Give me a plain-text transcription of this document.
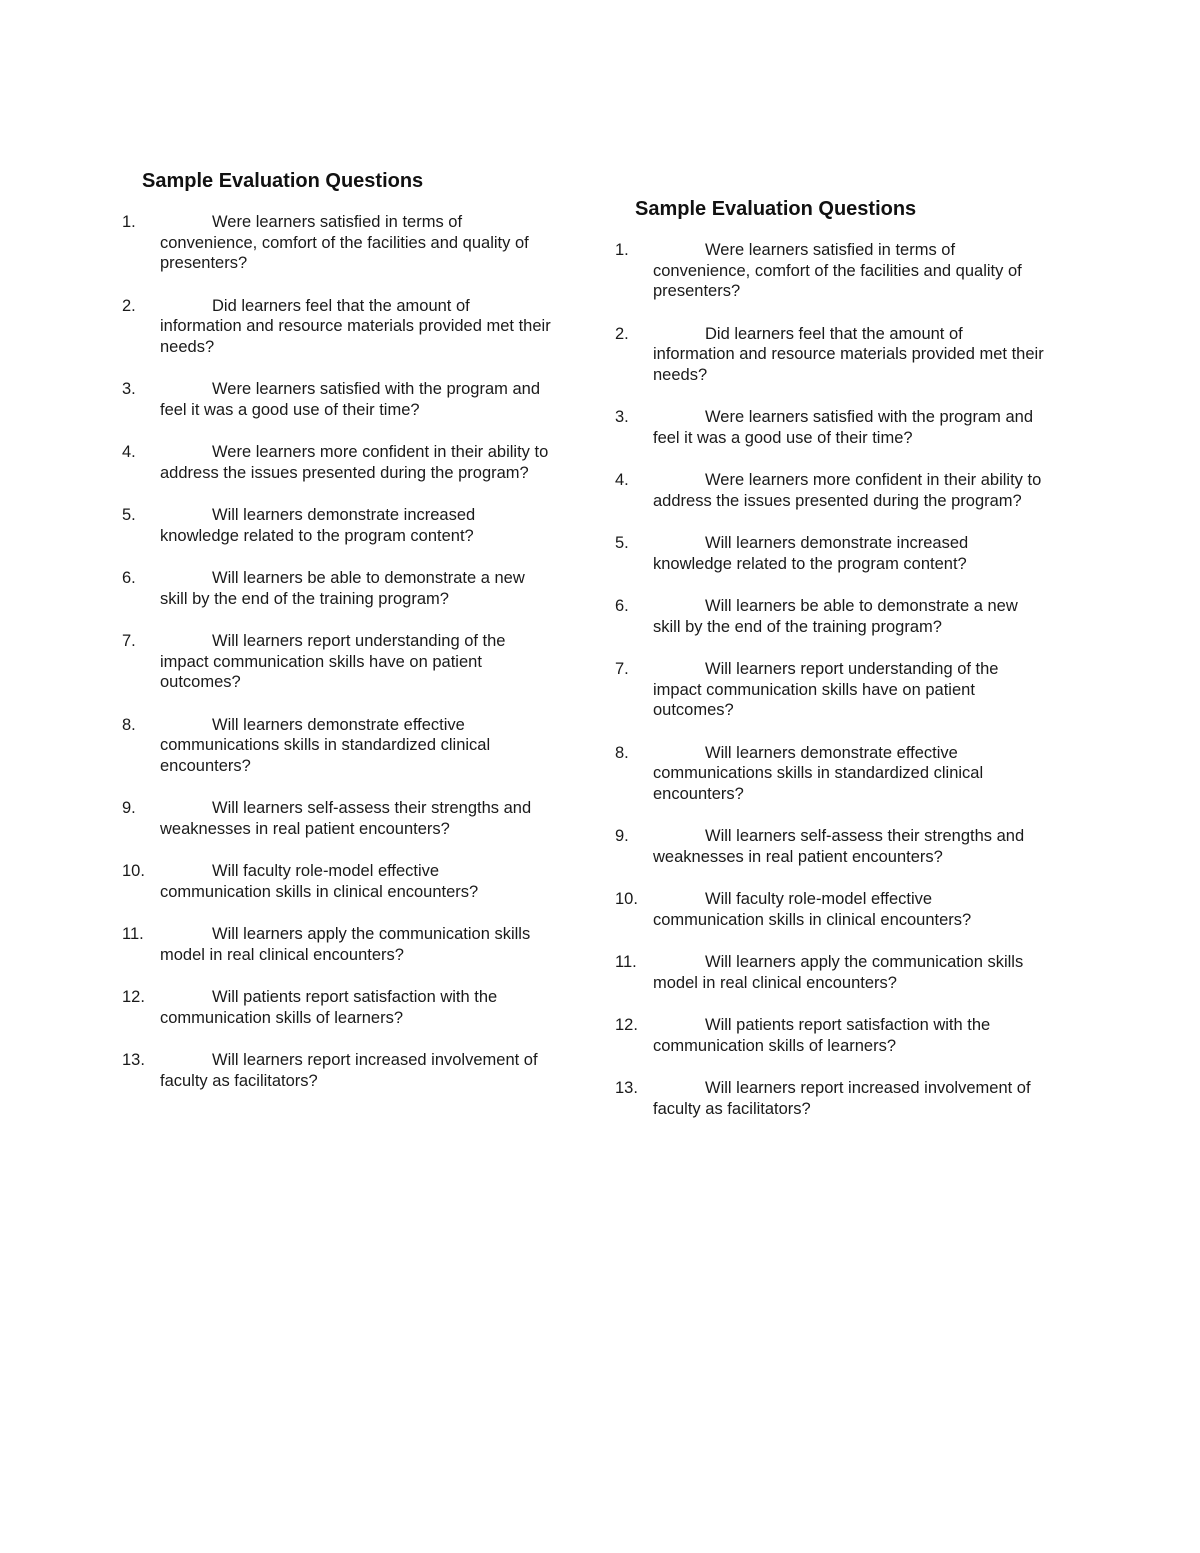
Sample Evaluation Questions
1.	Were learners satisfied in terms of convenience, comfort of the facilities and quality of presenters?
2.	Did learners feel that the amount of information and resource materials provided met their needs?
3.	Were learners satisfied with the program and feel it was a good use of their time?
4.	Were learners more confident in their ability to address the issues presented during the program?
5.	Will learners demonstrate increased knowledge related to the program content?
6.	Will learners be able to demonstrate a new skill by the end of the training program?
7.	Will learners report understanding of the impact communication skills have on patient outcomes?
8.	Will learners demonstrate effective communications skills in standardized clinical encounters?
9.	Will learners self-assess their strengths and weaknesses in real patient encounters?
10.	Will faculty role-model effective communication skills in clinical encounters?
11.	Will learners apply the communication skills model in real clinical encounters?
12.	Will patients report satisfaction with the communication skills of learners?
13.	Will learners report increased involvement of faculty as facilitators?
Sample Evaluation Questions
1.	Were learners satisfied in terms of convenience, comfort of the facilities and quality of presenters?
2.	Did learners feel that the amount of information and resource materials provided met their needs?
3.	Were learners satisfied with the program and feel it was a good use of their time?
4.	Were learners more confident in their ability to address the issues presented during the program?
5.	Will learners demonstrate increased knowledge related to the program content?
6.	Will learners be able to demonstrate a new skill by the end of the training program?
7.	Will learners report understanding of the impact communication skills have on patient outcomes?
8.	Will learners demonstrate effective communications skills in standardized clinical encounters?
9.	Will learners self-assess their strengths and weaknesses in real patient encounters?
10.	Will faculty role-model effective communication skills in clinical encounters?
11.	Will learners apply the communication skills model in real clinical encounters?
12.	Will patients report satisfaction with the communication skills of learners?
13.	Will learners report increased involvement of faculty as facilitators?
